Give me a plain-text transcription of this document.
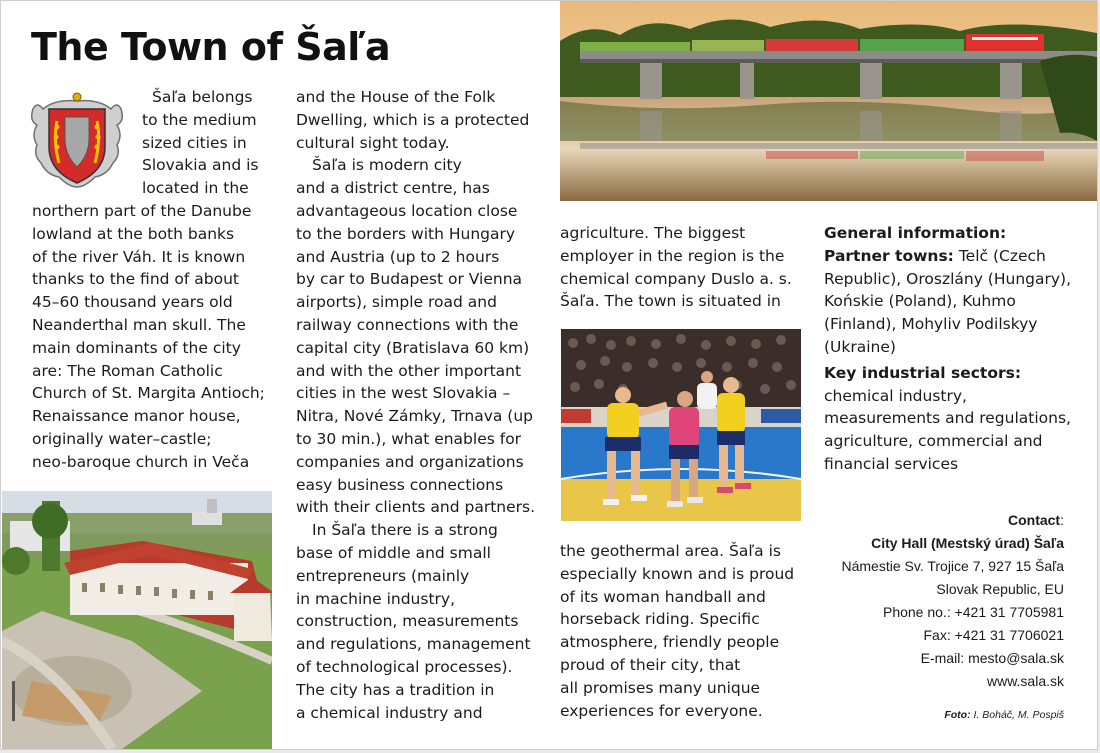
The Town of Šaľa

Šaľa belongs

to the medium

sized cities in

Slovakia and is

located in the

northern part of the Danube

lowland at the both banks

of the river Váh. It is known

thanks to the find of about

45–60 thousand years old

Neanderthal man skull. The

main dominants of the city

are: The Roman Catholic

Church of St. Margita Antioch;

Renaissance manor house,

originally water–castle;

neo-baroque church in Veča

and the House of the Folk

Dwelling, which is a protected

cultural sight today.

Šaľa is modern city

and a district centre, has

advantageous location close

to the borders with Hungary

and Austria (up to 2 hours

by car to Budapest or Vienna

airports), simple road and

railway connections with the

capital city (Bratislava 60 km)

and with the other important

cities in the west Slovakia –

Nitra, Nové Zámky, Trnava (up

to 30 min.), what enables for

companies and organizations

easy business connections

with their clients and partners.

In Šaľa there is a strong

base of middle and small

entrepreneurs (mainly

in machine industry,

construction, measurements

and regulations, management

of technological processes).

The city has a tradition in

a chemical industry and

agriculture. The biggest

employer in the region is the

chemical company Duslo a. s.

Šaľa. The town is situated in

the geothermal area. Šaľa is

especially known and is proud

of its woman handball and

horseback riding. Specific

atmosphere, friendly people

proud of their city, that

all promises many unique

experiences for everyone.

General information:

Partner towns: Telč (Czech Republic), Oroszlány (Hungary), Końskie (Poland), Kuhmo (Finland), Mohyliv Podilskyy (Ukraine)

Key industrial sectors:

chemical industry, measurements and regulations, agriculture, commercial and financial services

Contact:
City Hall (Mestský úrad) Šaľa
Námestie Sv. Trojice 7, 927 15 Šaľa
Slovak Republic, EU
Phone no.: +421 31 7705981
Fax: +421 31 7706021
E-mail: mesto@sala.sk
www.sala.sk
Foto: I. Boháč, M. Pospiš
